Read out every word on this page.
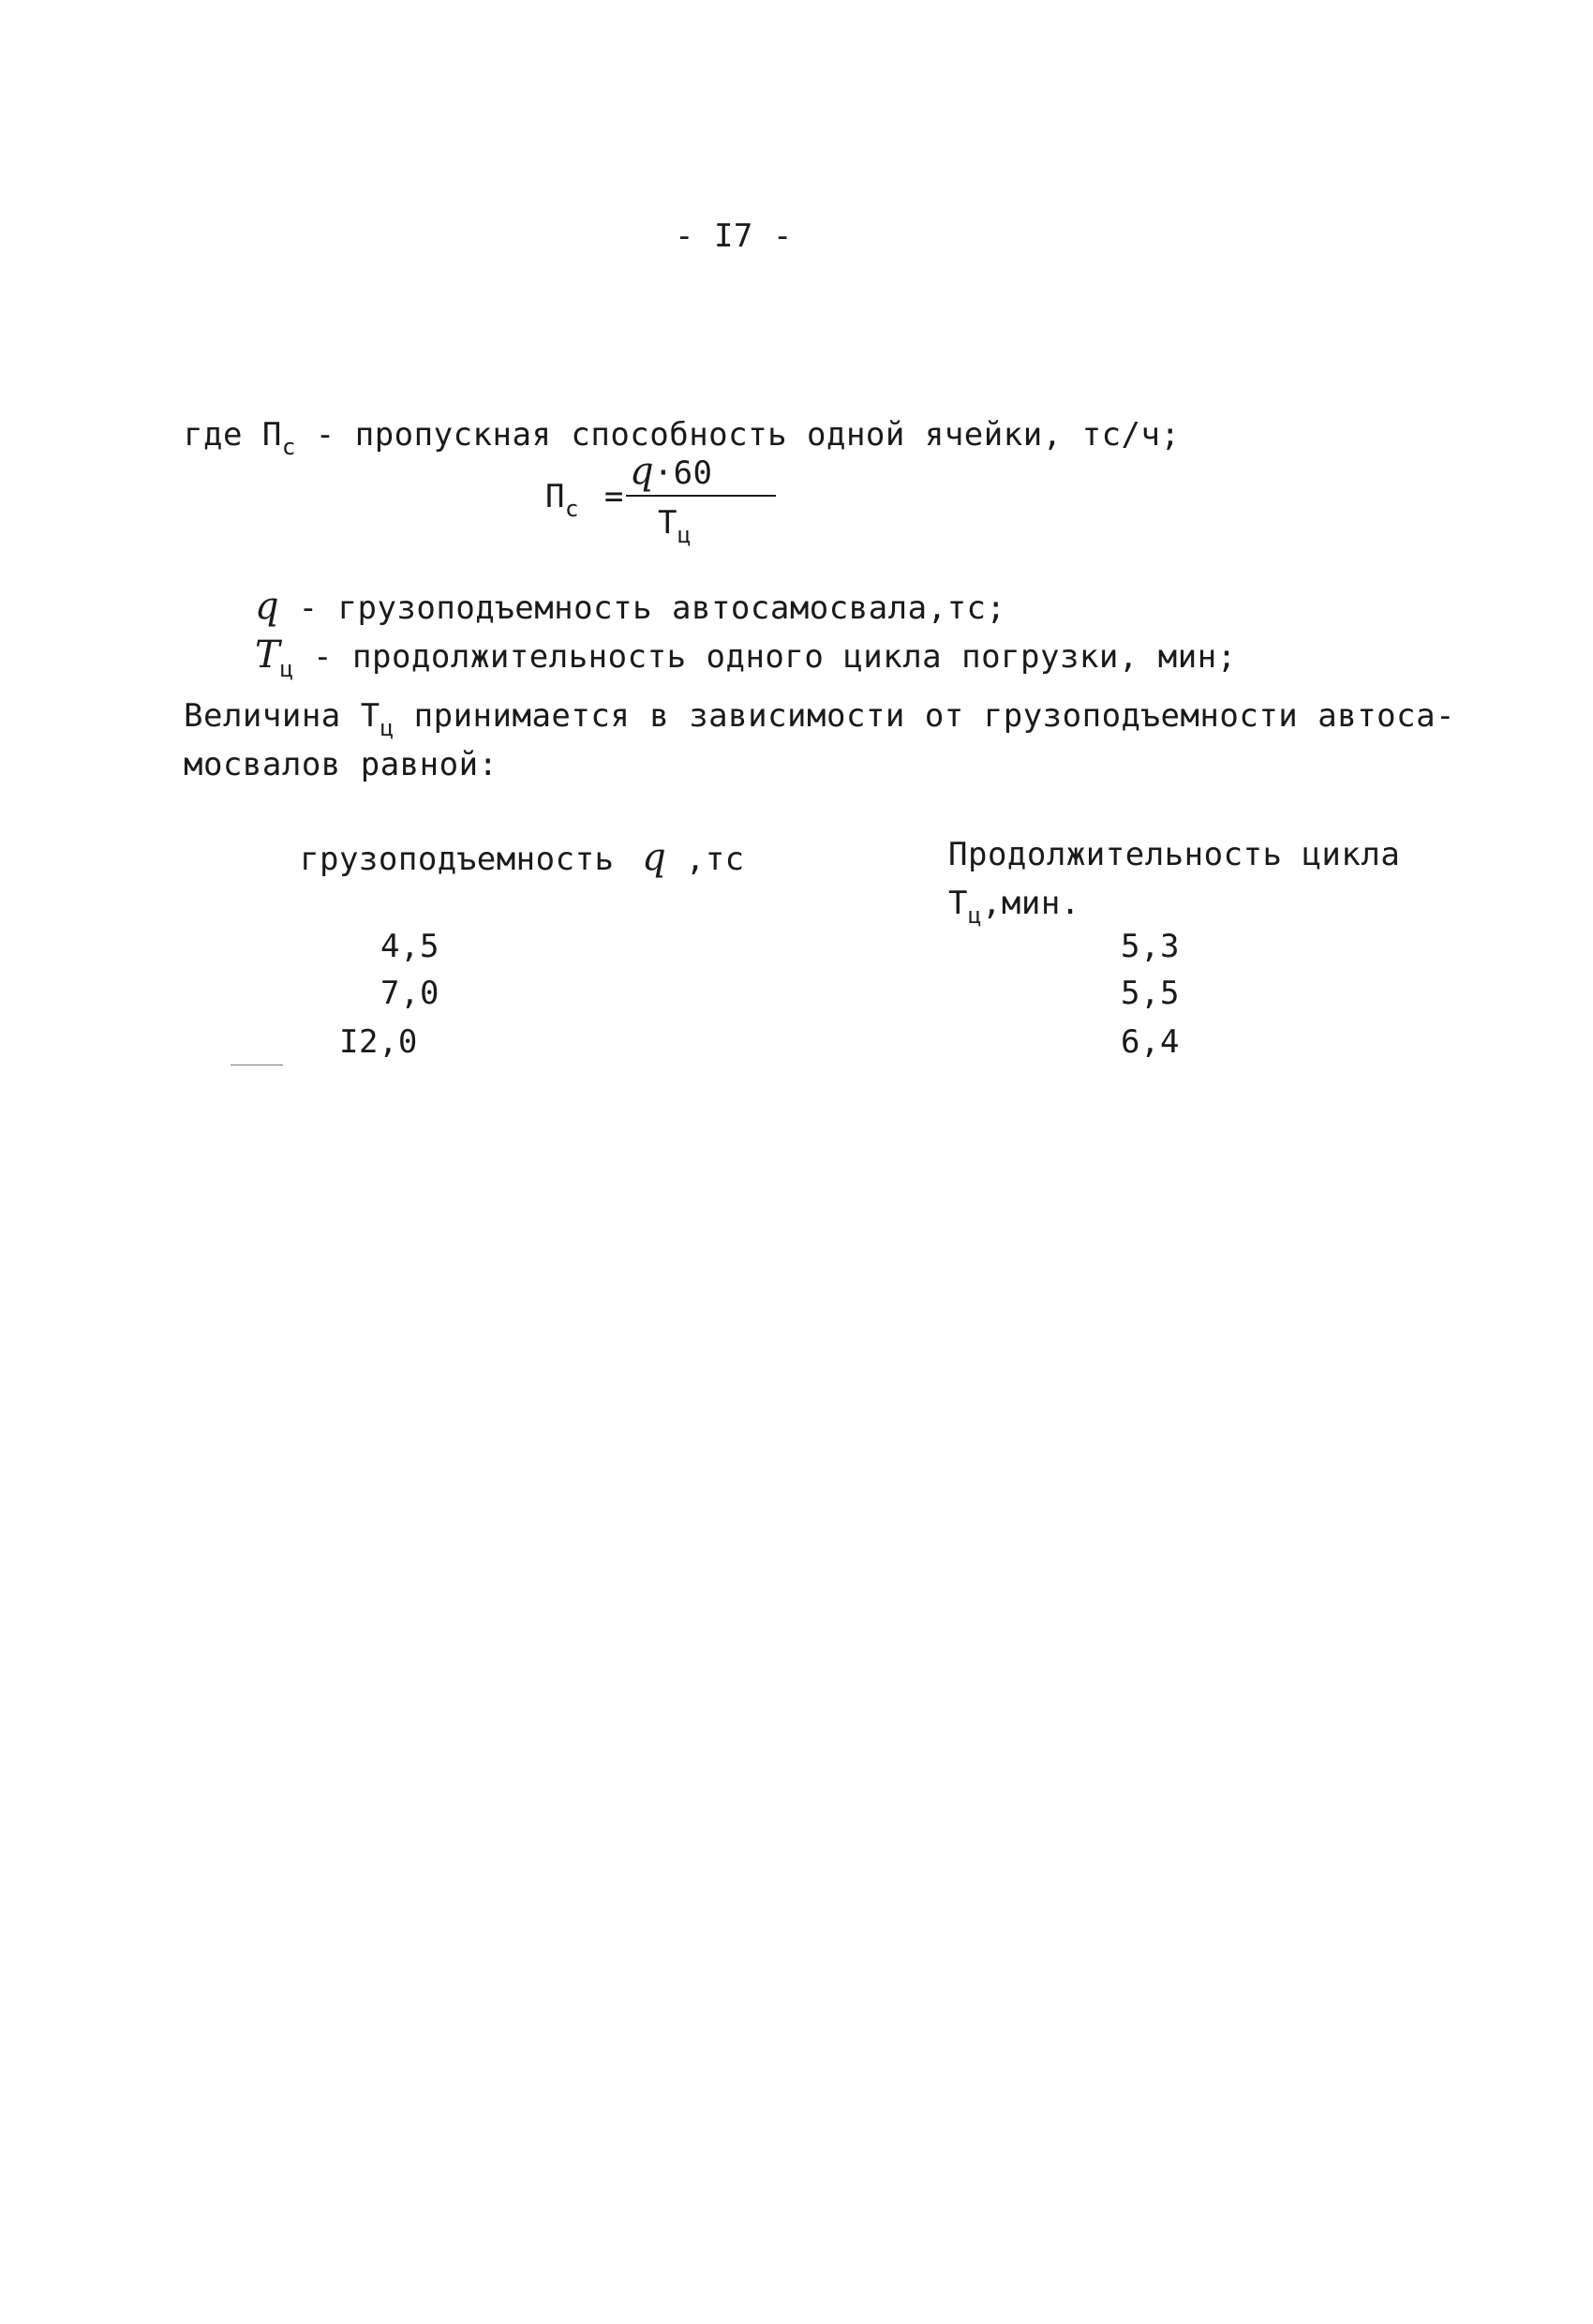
- I7 -
где $П_с$ - пропускная способность одной ячейки, тс/ч;
$П_с$ =
q·60
$Т_ц$
q - грузоподъемность автосамосвала,тс;
Тц - продолжительность одного цикла погрузки, мин;
Величина $Т_ц$ принимается в зависимости от грузоподъемности автоса-
мосвалов равной:
грузоподъемность q ,тс	Продолжительность цикла
$Т_ц,мин$.
4,5	5,3
7,0	5,5
I2,0	6,4
